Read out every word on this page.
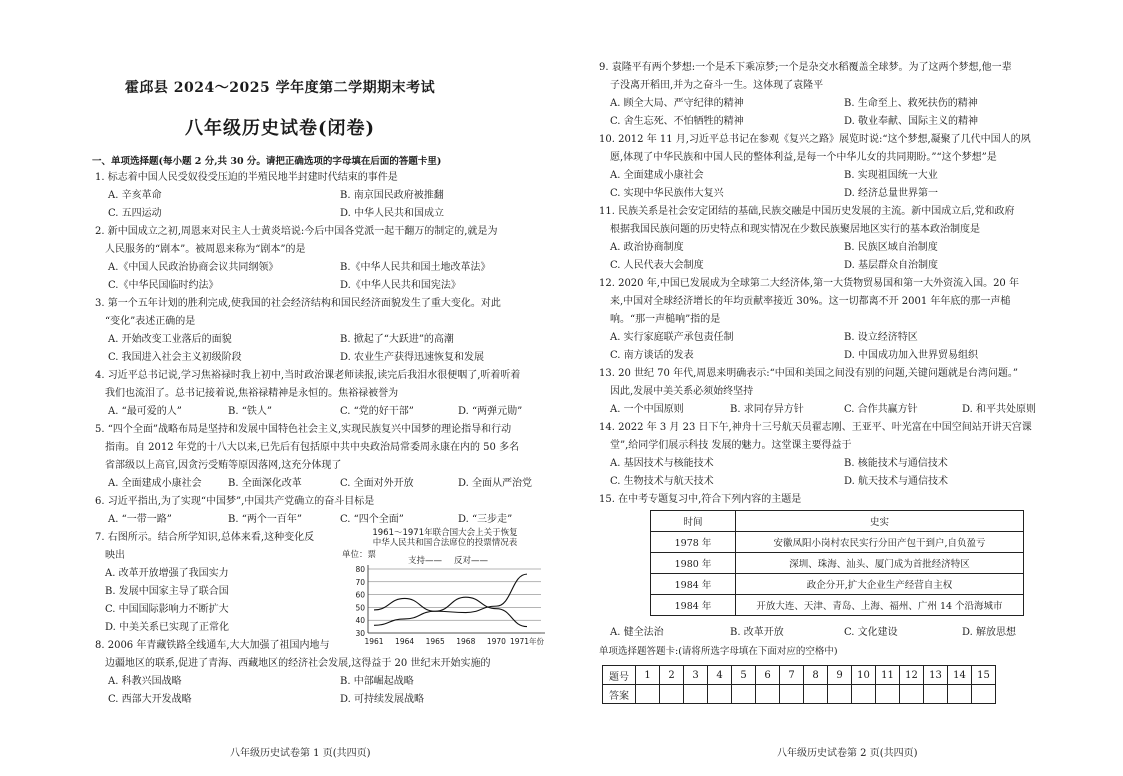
霍邱县 2024～2025 学年度第二学期期末考试
八年级历史试卷(闭卷)
一、单项选择题(每小题 2 分,共 30 分。请把正确选项的字母填在后面的答题卡里)
1. 标志着中国人民受奴役受压迫的半殖民地半封建时代结束的事件是
A. 辛亥革命	B. 南京国民政府被推翻
C. 五四运动	D. 中华人民共和国成立
2. 新中国成立之初,周恩来对民主人士黄炎培说:今后中国各党派一起干翻万的制定的,就是为
人民服务的“剧本”。被周恩来称为“剧本”的是
A.《中国人民政治协商会议共同纲领》	B.《中华人民共和国土地改革法》
C.《中华民国临时约法》	D.《中华人民共和国宪法》
3. 第一个五年计划的胜利完成,使我国的社会经济结构和国民经济面貌发生了重大变化。对此
“变化”表述正确的是
A. 开始改变工业落后的面貌	B. 掀起了“大跃进”的高潮
C. 我国进入社会主义初级阶段	D. 农业生产获得迅速恢复和发展
4. 习近平总书记说,学习焦裕禄时我上初中,当时政治课老师读报,读完后我泪水很便咽了,听着听着
我们也流泪了。总书记接着说,焦裕禄精神是永恒的。焦裕禄被誉为
A. “最可爱的人”	B. “铁人”	C. “党的好干部”	D. “两弹元勋”
5. “四个全面”战略布局是坚持和发展中国特色社会主义,实现民族复兴中国梦的理论指导和行动
指南。自 2012 年党的十八大以来,已先后有包括原中共中央政治局常委周永康在内的 50 多名
省部级以上高官,因贪污受贿等原因落网,这充分体现了
A. 全面建成小康社会	B. 全面深化改革	C. 全面对外开放	D. 全面从严治党
6. 习近平指出,为了实现“中国梦”,中国共产党确立的奋斗目标是
A. “一带一路”	B. “两个一百年”	C. “四个全面”	D. “三步走”
7. 右图所示。结合所学知识,总体来看,这种变化反
映出
A. 改革开放增强了我国实力
B. 发展中国家主导了联合国
C. 中国国际影响力不断扩大
D. 中美关系已实现了正常化
1961～1971年联合国大会上关于恢复
中华人民共和国合法席位的投票情况表
单位：票
支持—— 反对——
80
70
60
50
40
30
1961 1964 1965 1968 1970 1971年份
8. 2006 年青藏铁路全线通车,大大加强了祖国内地与
边疆地区的联系,促进了青海、西藏地区的经济社会发展,这得益于 20 世纪末开始实施的
A. 科教兴国战略	B. 中部崛起战略
C. 西部大开发战略	D. 可持续发展战略
八年级历史试卷第 1 页(共四页)
9. 袁隆平有两个梦想:一个是禾下乘凉梦;一个是杂交水稻覆盖全球梦。为了这两个梦想,他一辈
子没离开稻田,并为之奋斗一生。这体现了袁隆平
A. 顾全大局、严守纪律的精神	B. 生命至上、救死扶伤的精神
C. 舍生忘死、不怕牺牲的精神	D. 敬业奉献、国际主义的精神
10. 2012 年 11 月,习近平总书记在参观《复兴之路》展览时说:“这个梦想,凝聚了几代中国人的夙
愿,体现了中华民族和中国人民的整体利益,是每一个中华儿女的共同期盼。”“这个梦想”是
A. 全面建成小康社会	B. 实现祖国统一大业
C. 实现中华民族伟大复兴	D. 经济总量世界第一
11. 民族关系是社会安定团结的基础,民族交融是中国历史发展的主流。新中国成立后,党和政府
根据我国民族问题的历史特点和现实情况在少数民族聚居地区实行的基本政治制度是
A. 政治协商制度	B. 民族区域自治制度
C. 人民代表大会制度	D. 基层群众自治制度
12. 2020 年,中国已发展成为全球第二大经济体,第一大货物贸易国和第一大外资流入国。20 年
来,中国对全球经济增长的年均贡献率接近 30%。这一切都离不开 2001 年年底的那一声槌
响。“那一声槌响”指的是
A. 实行家庭联产承包责任制	B. 设立经济特区
C. 南方谈话的发表	D. 中国成功加入世界贸易组织
13. 20 世纪 70 年代,周恩来明确表示:“中国和美国之间没有别的问题,关键问题就是台湾问题。”
因此,发展中美关系必须始终坚持
A. 一个中国原则	B. 求同存异方针	C. 合作共赢方针	D. 和平共处原则
14. 2022 年 3 月 23 日下午,神舟十三号航天员翟志刚、王亚平、叶光富在中国空间站开讲天宫课
堂”,给同学们展示科技 发展的魅力。这堂课主要得益于
A. 基因技术与核能技术	B. 核能技术与通信技术
C. 生物技术与航天技术	D. 航天技术与通信技术
15. 在中考专题复习中,符合下列内容的主题是
时间	史实
1978 年	安徽凤阳小岗村农民实行分田产包干到户,自负盈亏
1980 年	深圳、珠海、汕头、厦门成为首批经济特区
1984 年	政企分开,扩大企业生产经营自主权
1984 年	开放大连、天津、青岛、上海、福州、广州 14 个沿海城市
A. 健全法治	B. 改革开放	C. 文化建设	D. 解放思想
单项选择题答题卡:(请将所选字母填在下面对应的空格中)
题号	1	2	3	4	5	6	7	8	9	10	11	12	13	14	15
答案															
八年级历史试卷第 2 页(共四页)
